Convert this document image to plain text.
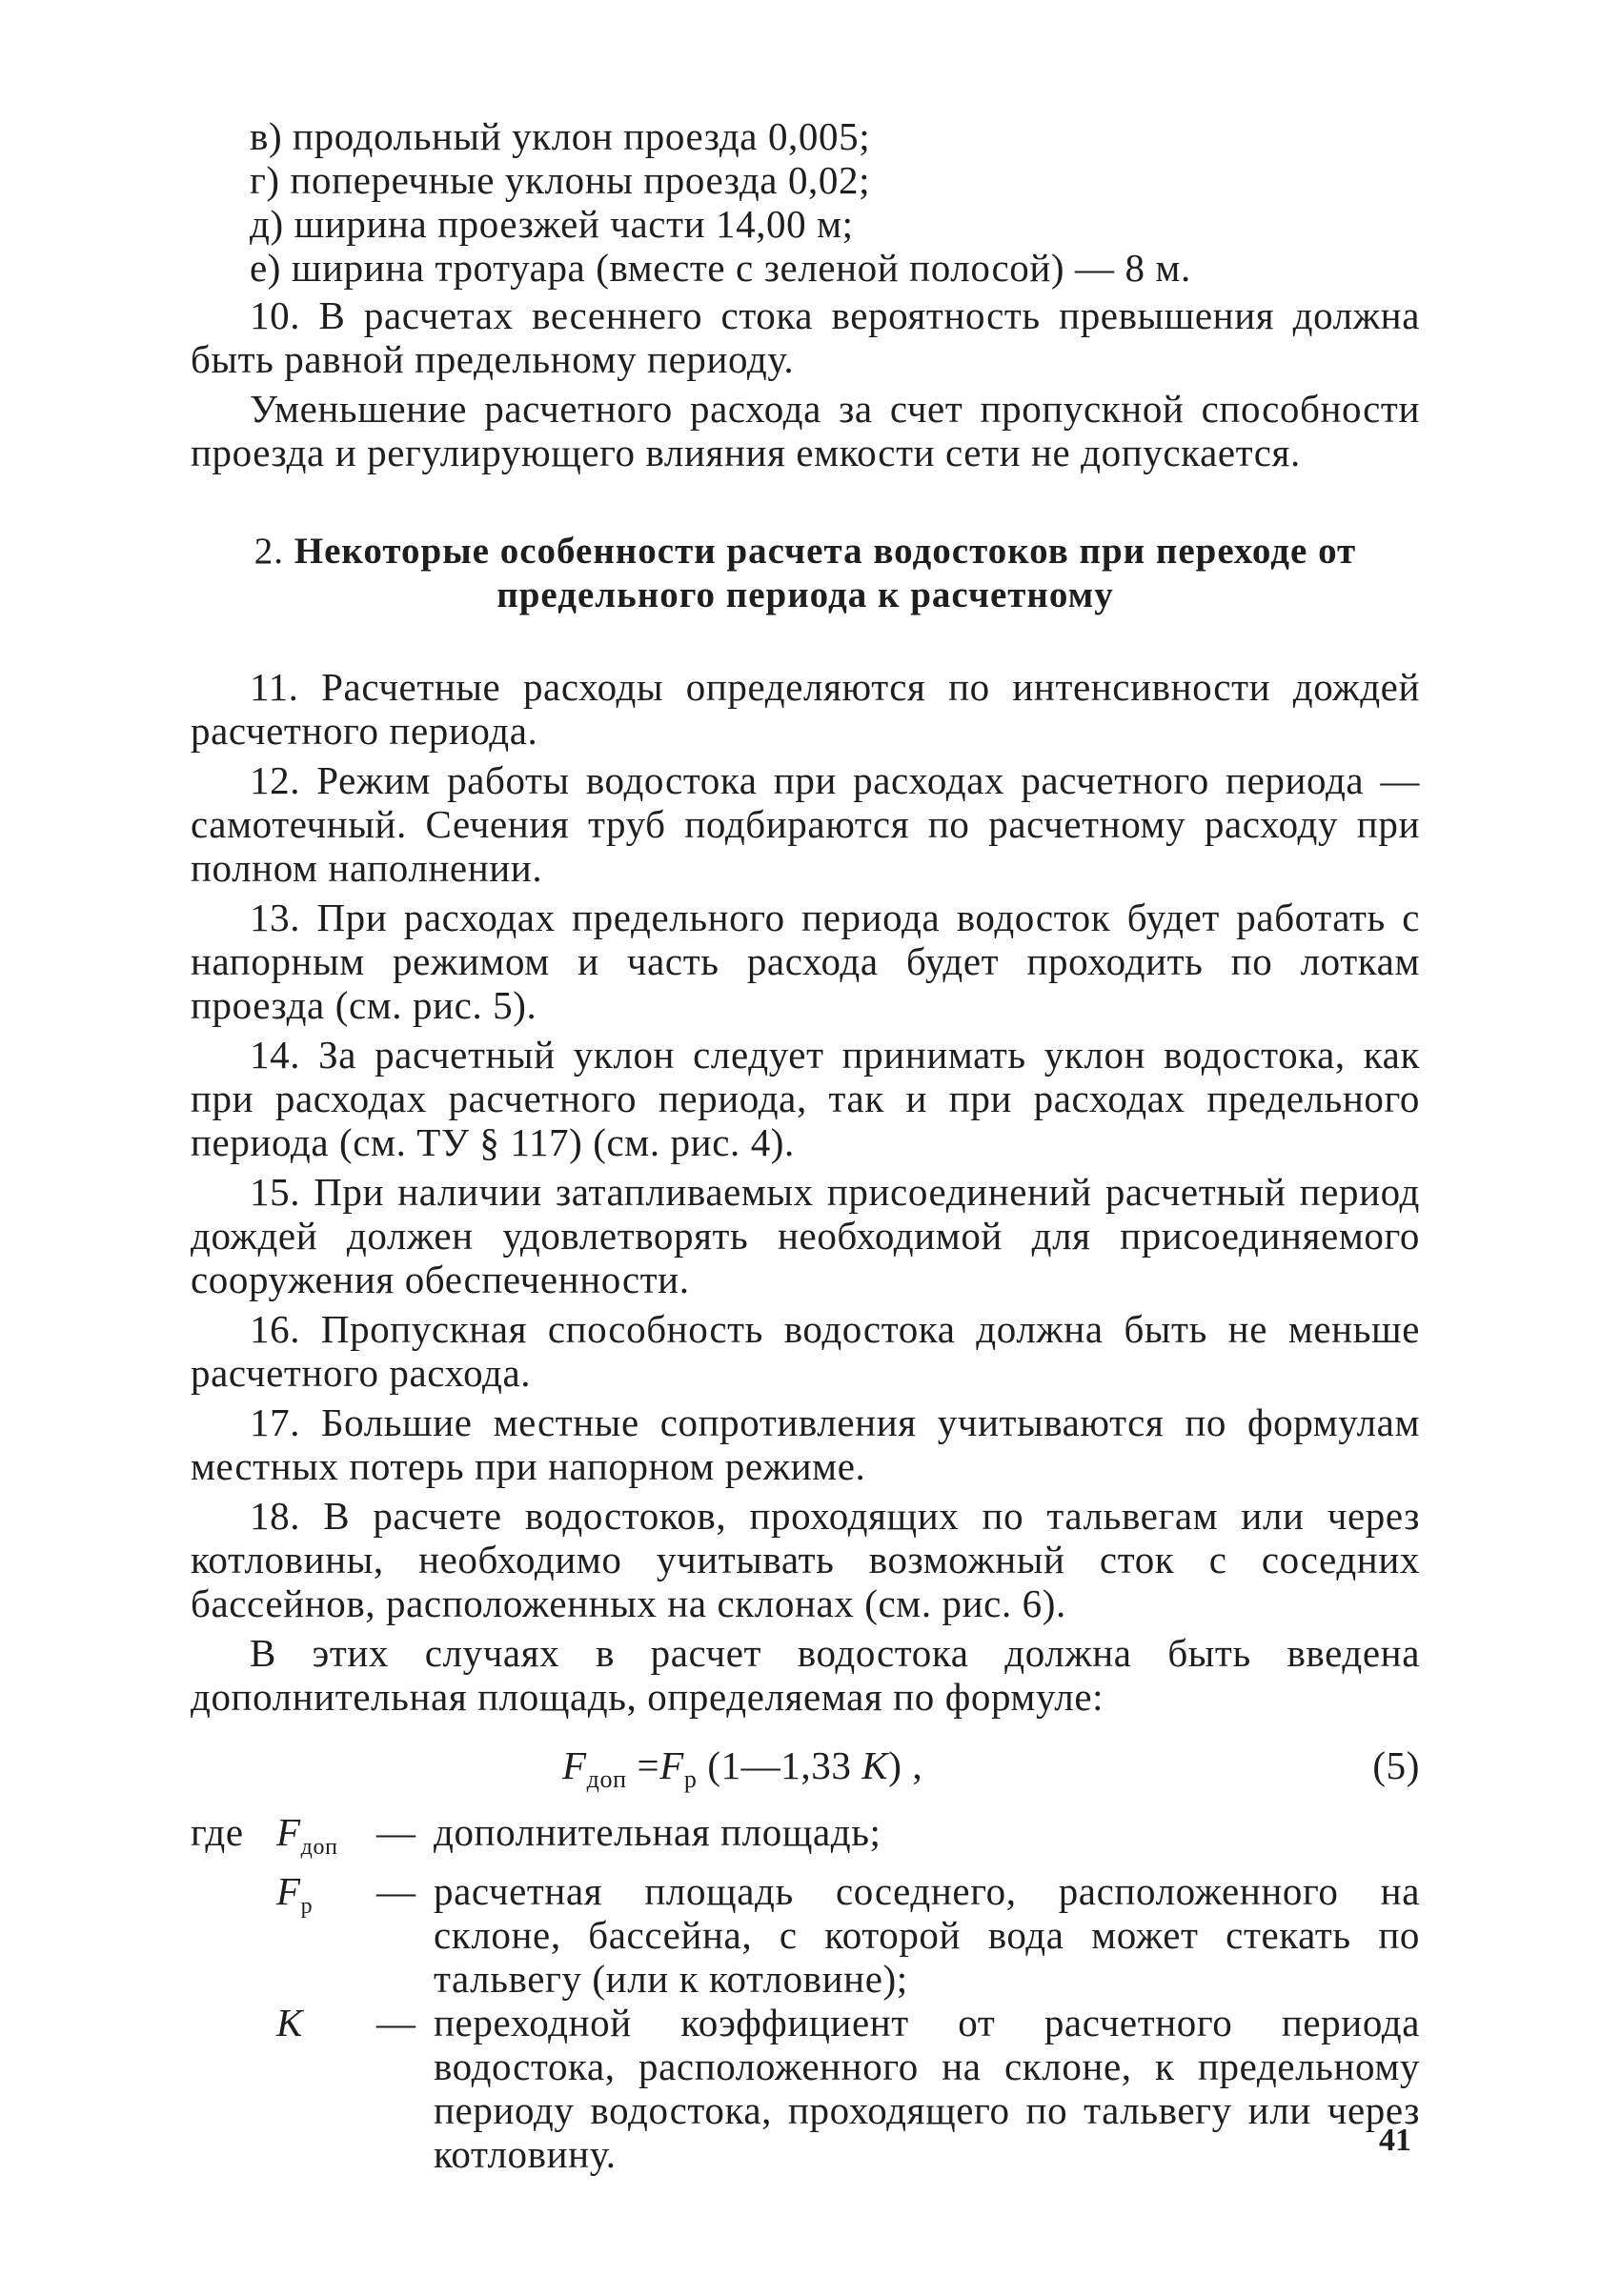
в) продольный уклон проезда 0,005;
г) поперечные уклоны проезда 0,02;
д) ширина проезжей части 14,00 м;
е) ширина тротуара (вместе с зеленой полосой) — 8 м.

10. В расчетах весеннего стока вероятность превышения должна быть равной предельному периоду.

Уменьшение расчетного расхода за счет пропускной способности проезда и регулирующего влияния емкости сети не допускается.

2. Некоторые особенности расчета водостоков при переходе от предельного периода к расчетному

11. Расчетные расходы определяются по интенсивности дождей расчетного периода.

12. Режим работы водостока при расходах расчетного периода — самотечный. Сечения труб подбираются по расчетному расходу при полном наполнении.

13. При расходах предельного периода водосток будет работать с напорным режимом и часть расхода будет проходить по лоткам проезда (см. рис. 5).

14. За расчетный уклон следует принимать уклон водостока, как при расходах расчетного периода, так и при расходах предельного периода (см. ТУ § 117) (см. рис. 4).

15. При наличии затапливаемых присоединений расчетный период дождей должен удовлетворять необходимой для присоединяемого сооружения обеспеченности.

16. Пропускная способность водостока должна быть не меньше расчетного расхода.

17. Большие местные сопротивления учитываются по формулам местных потерь при напорном режиме.

18. В расчете водостоков, проходящих по тальвегам или через котловины, необходимо учитывать возможный сток с соседних бассейнов, расположенных на склонах (см. рис. 6).

В этих случаях в расчет водостока должна быть введена дополнительная площадь, определяемая по формуле:

$F_{доп} =F_р$ (1—1,33 K) ,	(5)
где $F_{доп}$ — дополнительная площадь;
$F_р$	— расчетная площадь соседнего, расположенного на склоне, бассейна, с которой вода может стекать по тальвегу (или к котловине);
K	— переходной коэффициент от расчетного периода водостока, расположенного на склоне, к предельному периоду водостока, проходящего по тальвегу или через котловину.	41
